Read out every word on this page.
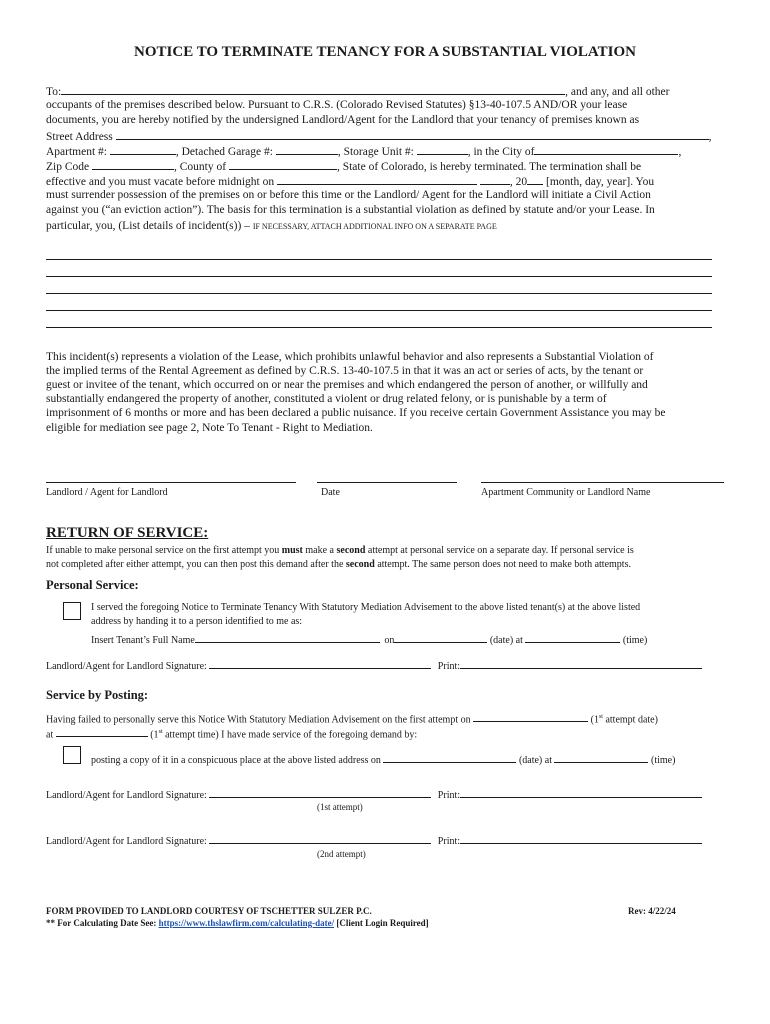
NOTICE TO TERMINATE TENANCY FOR A SUBSTANTIAL VIOLATION
To:	, and any, and all other
occupants of the premises described below. Pursuant to C.R.S. (Colorado Revised Statutes) §13-40-107.5 AND/OR your lease
documents, you are hereby notified by the undersigned Landlord/Agent for the Landlord that your tenancy of premises known as
Street Address	,
Apartment #:	, Detached Garage #:	, Storage Unit #:	, in the City of	,
Zip Code	, County of	, State of Colorado, is hereby terminated. The termination shall be
effective and you must vacate before midnight on	, 20 [month, day, year]. You
must surrender possession of the premises on or before this time or the Landlord/ Agent for the Landlord will initiate a Civil Action
against you (“an eviction action”). The basis for this termination is a substantial violation as defined by statute and/or your Lease. In
particular, you, (List details of incident(s)) – IF NECESSARY, ATTACH ADDITIONAL INFO ON A SEPARATE PAGE
This incident(s) represents a violation of the Lease, which prohibits unlawful behavior and also represents a Substantial Violation of
the implied terms of the Rental Agreement as defined by C.R.S. 13-40-107.5 in that it was an act or series of acts, by the tenant or
guest or invitee of the tenant, which occurred on or near the premises and which endangered the person of another, or willfully and
substantially endangered the property of another, constituted a violent or drug related felony, or is punishable by a term of
imprisonment of 6 months or more and has been declared a public nuisance. If you receive certain Government Assistance you may be
eligible for mediation see page 2, Note To Tenant - Right to Mediation.
Landlord / Agent for Landlord	Date	Apartment Community or Landlord Name
RETURN OF SERVICE:
If unable to make personal service on the first attempt you must make a second attempt at personal service on a separate day. If personal service is
not completed after either attempt, you can then post this demand after the second attempt. The same person does not need to make both attempts.
Personal Service:
I served the foregoing Notice to Terminate Tenancy With Statutory Mediation Advisement to the above listed tenant(s) at the above listed
address by handing it to a person identified to me as:
Insert Tenant’s Full Name	on	(date) at	(time)
Landlord/Agent for Landlord Signature:	Print:
Service by Posting:
Having failed to personally serve this Notice With Statutory Mediation Advisement on the first attempt on	(1st attempt date)
at	(1st attempt time) I have made service of the foregoing demand by:
posting a copy of it in a conspicuous place at the above listed address on	(date) at	(time)
Landlord/Agent for Landlord Signature:	Print:
(1st attempt)
Landlord/Agent for Landlord Signature:	Print:
(2nd attempt)
FORM PROVIDED TO LANDLORD COURTESY OF TSCHETTER SULZER P.C.	Rev: 4/22/24
** For Calculating Date See: https://www.thslawfirm.com/calculating-date/ [Client Login Required]
